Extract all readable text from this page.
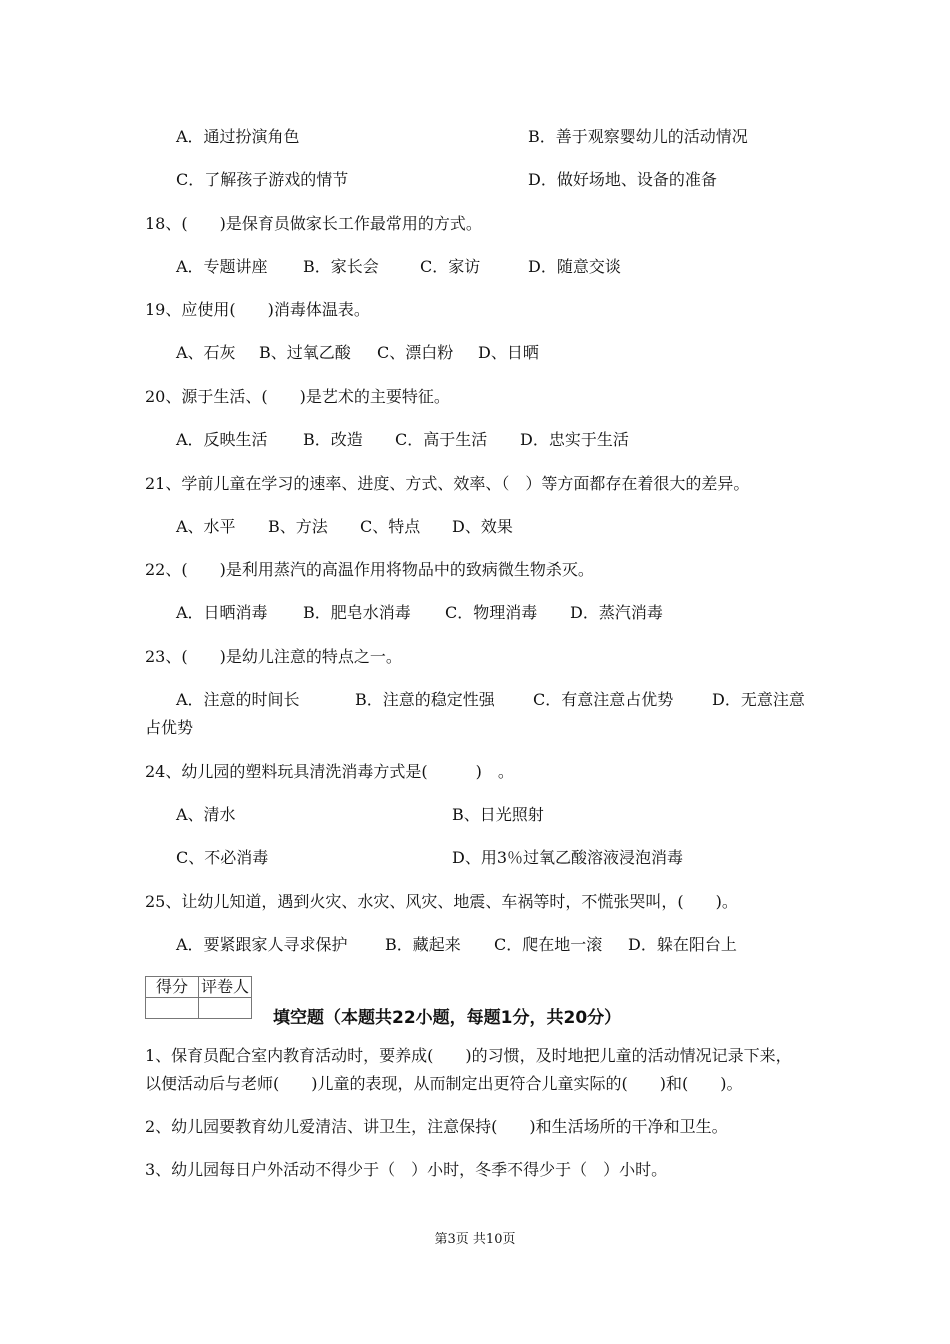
A．通过扮演角色	B．善于观察婴幼儿的活动情况
C．了解孩子游戏的情节	D．做好场地、设备的准备
18、(　　)是保育员做家长工作最常用的方式。
A．专题讲座 B．家长会	C．家访	D．随意交谈
19、应使用(　　)消毒体温表。
A、石灰 B、过氧乙酸 C、漂白粉 D、日晒
20、源于生活、(　　)是艺术的主要特征。
A．反映生活 B．改造 C．高于生活 D．忠实于生活
21、学前儿童在学习的速率、进度、方式、效率、（　）等方面都存在着很大的差异。
A、水平 B、方法 C、特点 D、效果
22、(　　)是利用蒸汽的高温作用将物品中的致病微生物杀灭。
A．日晒消毒 B．肥皂水消毒 C．物理消毒 D．蒸汽消毒
23、(　　)是幼儿注意的特点之一。
A．注意的时间长	B．注意的稳定性强 C．有意注意占优势 D．无意注意
占优势
24、幼儿园的塑料玩具清洗消毒方式是(　　　)　。
A、清水	B、日光照射
C、不必消毒	D、用3％过氧乙酸溶液浸泡消毒
25、让幼儿知道，遇到火灾、水灾、风灾、地震、车祸等时，不慌张哭叫，(　　)。
A．要紧跟家人寻求保护 B．藏起来 C．爬在地一滚 D．躲在阳台上
得分	评卷人

填空题（本题共22小题，每题1分，共20分）
1、保育员配合室内教育活动时，要养成(　　)的习惯，及时地把儿童的活动情况记录下来，
以便活动后与老师(　　)儿童的表现，从而制定出更符合儿童实际的(　　)和(　　)。
2、幼儿园要教育幼儿爱清洁、讲卫生，注意保持(　　)和生活场所的干净和卫生。
3、幼儿园每日户外活动不得少于（　）小时，冬季不得少于（　）小时。
第3页 共10页
